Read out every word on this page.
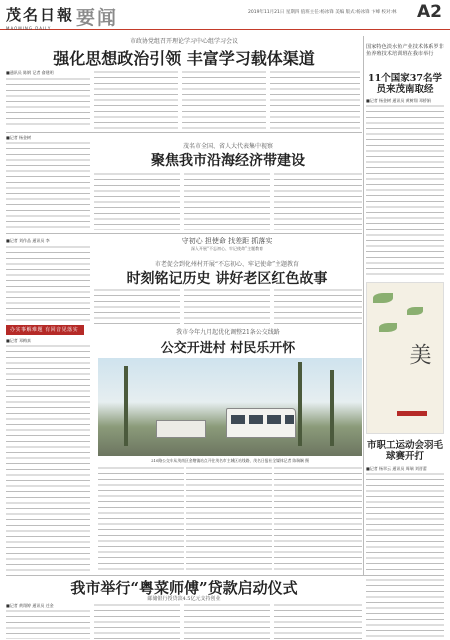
茂名日報
MAOMING DAILY	要闻	2019年11月21日 星期四 值班主任:杨冰锋 美编 版式:杨冰锋 卞峰 校对:林 A2
市政协党组召开理论学习中心组学习会议
强化思想政治引领 丰富学习载体渠道
■通讯员 陈钢 记者 俞建明
■记者 杨金树
茂名市全国、省人大代表集中视察
聚焦我市沿海经济带建设
国家特色淡水鱼产业技术体系罗非鱼养殖技术培训班在我市举行
11个国家37名学员来茂南取经
■记者 杨金树 通讯员 黄树翔 邓桥娟
守初心 担使命 找差距 抓落实
深入开展“不忘初心、牢记使命”主题教育
市老促会到化州村开展“不忘初心、牢记使命”主题教育
时刻铭记历史 讲好老区红色故事
■记者 刘作品 通讯员 李
办实事解难题 有回音见落实
■记者 邓梅真
我市今年九月起优化调整21条公交线路
公交开进村 村民乐开怀
210路公交车从茂南区金塘镇站点开往茂名市主城区站线路，茂名日报社全媒体记者 陈瑞娴 摄
美
市职工运动会羽毛球赛开打
■记者 杨翠云 通讯员 周瑞 刘晋蕾
我市举行“粤菜师傅”贷款启动仪式
邮储银行授贷款4.5亿元支持创业
■记者 黄翔婷 通讯员 迁金
